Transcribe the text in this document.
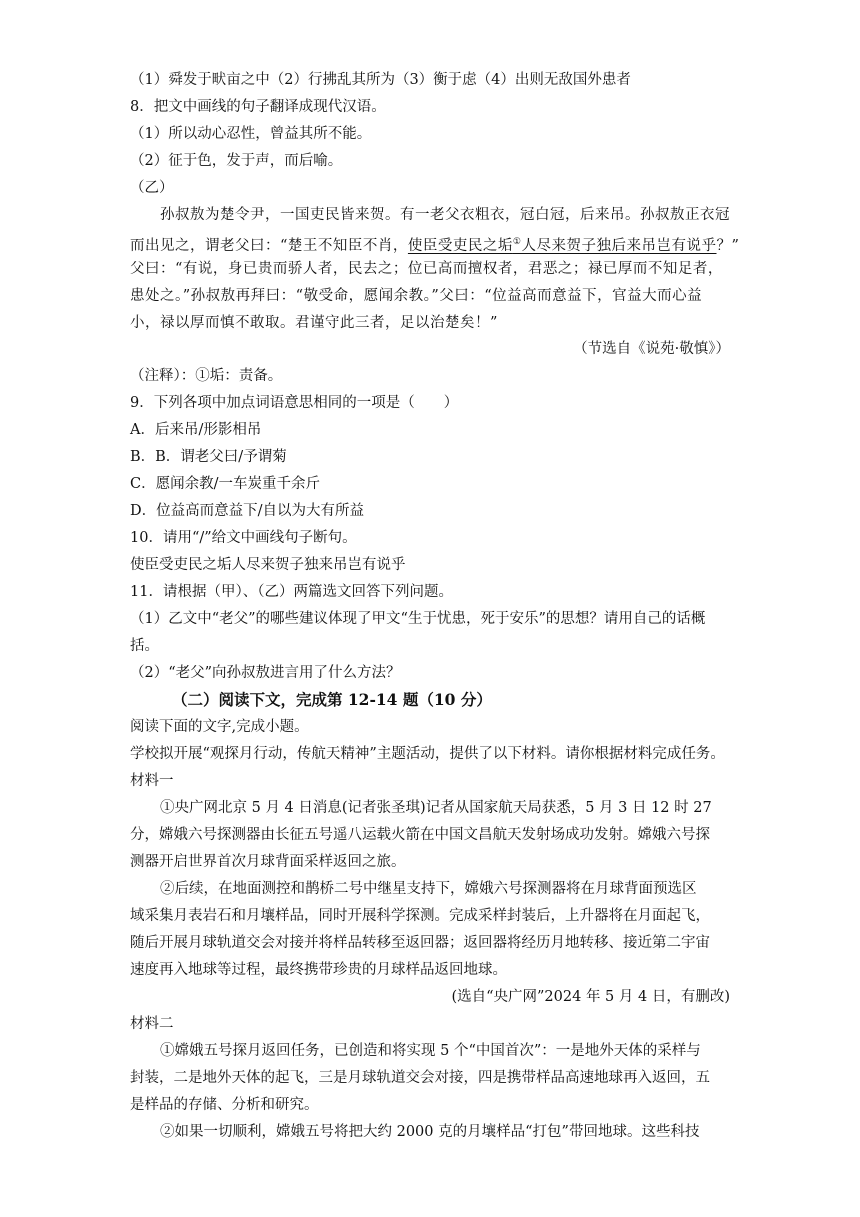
（1）舜发于畎亩之中（2）行拂乱其所为（3）衡于虑（4）出则无敌国外患者
8．把文中画线的句子翻译成现代汉语。
（1）所以动心忍性，曾益其所不能。
（2）征于色，发于声，而后喻。
（乙）
孙叔敖为楚令尹，一国吏民皆来贺。有一老父衣粗衣，冠白冠，后来吊。孙叔敖正衣冠
而出见之，谓老父曰：“楚王不知臣不肖，使臣受吏民之垢①人尽来贺子独后来吊岂有说乎？”
父曰：“有说，身已贵而骄人者，民去之；位已高而擅权者，君恶之；禄已厚而不知足者，
患处之。”孙叔敖再拜曰：“敬受命，愿闻余教。”父曰：“位益高而意益下，官益大而心益
小，禄以厚而慎不敢取。君谨守此三者，足以治楚矣！”
（节选自《说苑·敬慎》）
（注释）：①垢：责备。
9．下列各项中加点词语意思相同的一项是（　　）
A．后来吊/形影相吊
B．B．谓老父曰/予谓菊
C．愿闻余教/一车炭重千余斤
D．位益高而意益下/自以为大有所益
10．请用“/”给文中画线句子断句。
使臣受吏民之垢人尽来贺子独来吊岂有说乎
11．请根据（甲）、（乙）两篇选文回答下列问题。
（1）乙文中“老父”的哪些建议体现了甲文“生于忧患，死于安乐”的思想？请用自己的话概
括。
（2）“老父”向孙叔敖进言用了什么方法？
（二）阅读下文，完成第 12-14 题（10 分）
阅读下面的文字,完成小题。
学校拟开展“观探月行动，传航天精神”主题活动，提供了以下材料。请你根据材料完成任务。
材料一
①央广网北京 5 月 4 日消息(记者张圣琪)记者从国家航天局获悉，5 月 3 日 12 时 27
分，嫦娥六号探测器由长征五号遥八运载火箭在中国文昌航天发射场成功发射。嫦娥六号探
测器开启世界首次月球背面采样返回之旅。
②后续，在地面测控和鹊桥二号中继星支持下，嫦娥六号探测器将在月球背面预选区
域采集月表岩石和月壤样品，同时开展科学探测。完成采样封装后，上升器将在月面起飞，
随后开展月球轨道交会对接并将样品转移至返回器；返回器将经历月地转移、接近第二宇宙
速度再入地球等过程，最终携带珍贵的月球样品返回地球。
(选自“央广网”2024 年 5 月 4 日，有删改)
材料二
①嫦娥五号探月返回任务，已创造和将实现 5 个“中国首次”：一是地外天体的采样与
封装，二是地外天体的起飞，三是月球轨道交会对接，四是携带样品高速地球再入返回，五
是样品的存储、分析和研究。
②如果一切顺利，嫦娥五号将把大约 2000 克的月壤样品“打包”带回地球。这些科技
